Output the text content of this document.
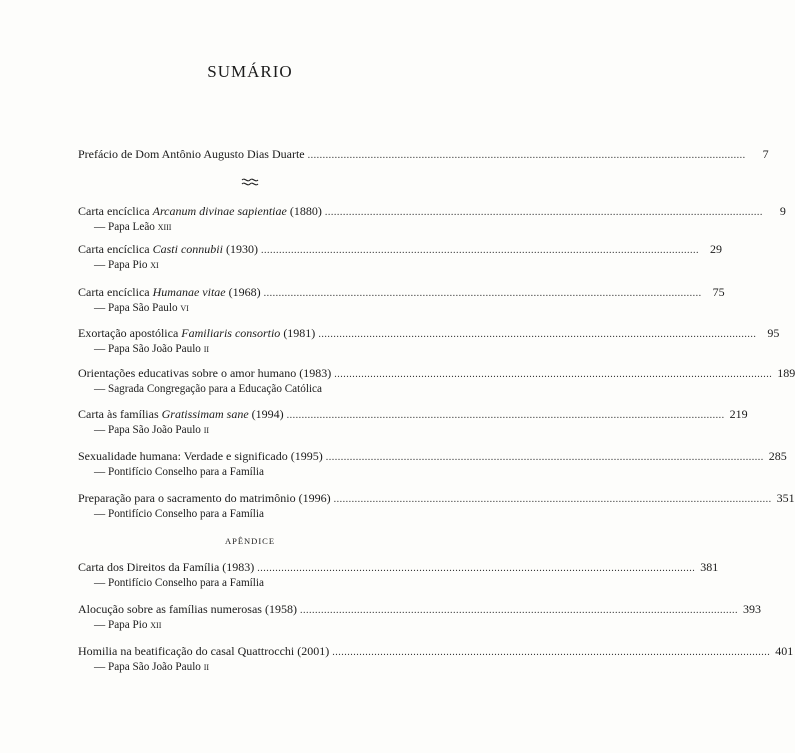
SUMÁRIO
Prefácio de Dom Antônio Augusto Dias Duarte ..................................................................................................................................................	7
Carta encíclica Arcanum divinae sapientiae (1880) ..................................................................................................................................................	9
— Papa Leão xiii
Carta encíclica Casti connubii (1930) .................................................................................................................................................. 29
— Papa Pio xi
Carta encíclica Humanae vitae (1968) .................................................................................................................................................. 75
— Papa São Paulo vi
Exortação apostólica Familiaris consortio (1981) .................................................................................................................................................. 95
— Papa São João Paulo ii
Orientações educativas sobre o amor humano (1983) .................................................................................................................................................. 189
— Sagrada Congregação para a Educação Católica
Carta às famílias Gratissimam sane (1994) .................................................................................................................................................. 219
— Papa São João Paulo ii
Sexualidade humana: Verdade e significado (1995) .................................................................................................................................................. 285
— Pontifício Conselho para a Família
Preparação para o sacramento do matrimônio (1996) .................................................................................................................................................. 351
— Pontifício Conselho para a Família
APÊNDICE
Carta dos Direitos da Família (1983) .................................................................................................................................................. 381
— Pontifício Conselho para a Família
Alocução sobre as famílias numerosas (1958) .................................................................................................................................................. 393
— Papa Pio xii
Homilia na beatificação do casal Quattrocchi (2001) .................................................................................................................................................. 401
— Papa São João Paulo ii
